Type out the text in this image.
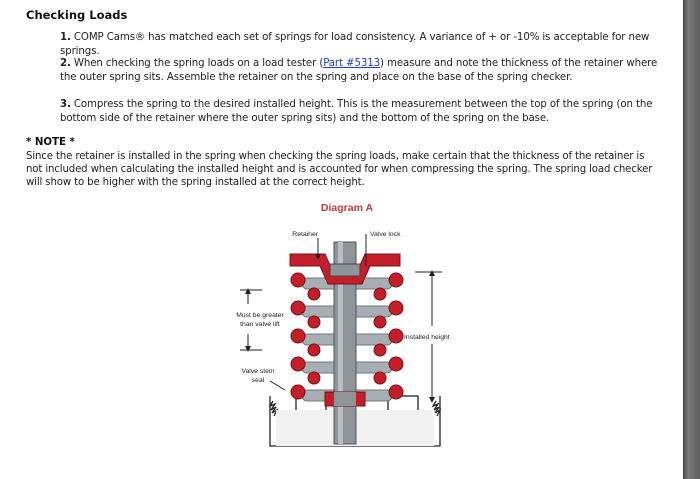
Checking Loads
1. COMP Cams® has matched each set of springs for load consistency. A variance of + or -10% is acceptable for new springs.
2. When checking the spring loads on a load tester (Part #5313) measure and note the thickness of the retainer where the outer spring sits. Assemble the retainer on the spring and place on the base of the spring checker.
3. Compress the spring to the desired installed height. This is the measurement between the top of the spring (on the bottom side of the retainer where the outer spring sits) and the bottom of the spring on the base.
* NOTE *
Since the retainer is installed in the spring when checking the spring loads, make certain that the thickness of the retainer is not included when calculating the installed height and is accounted for when compressing the spring. The spring load checker will show to be higher with the spring installed at the correct height.
Diagram A
Retainer	Valve lock
Must be greater
than valve lift
Installed height
Valve stem
seal
